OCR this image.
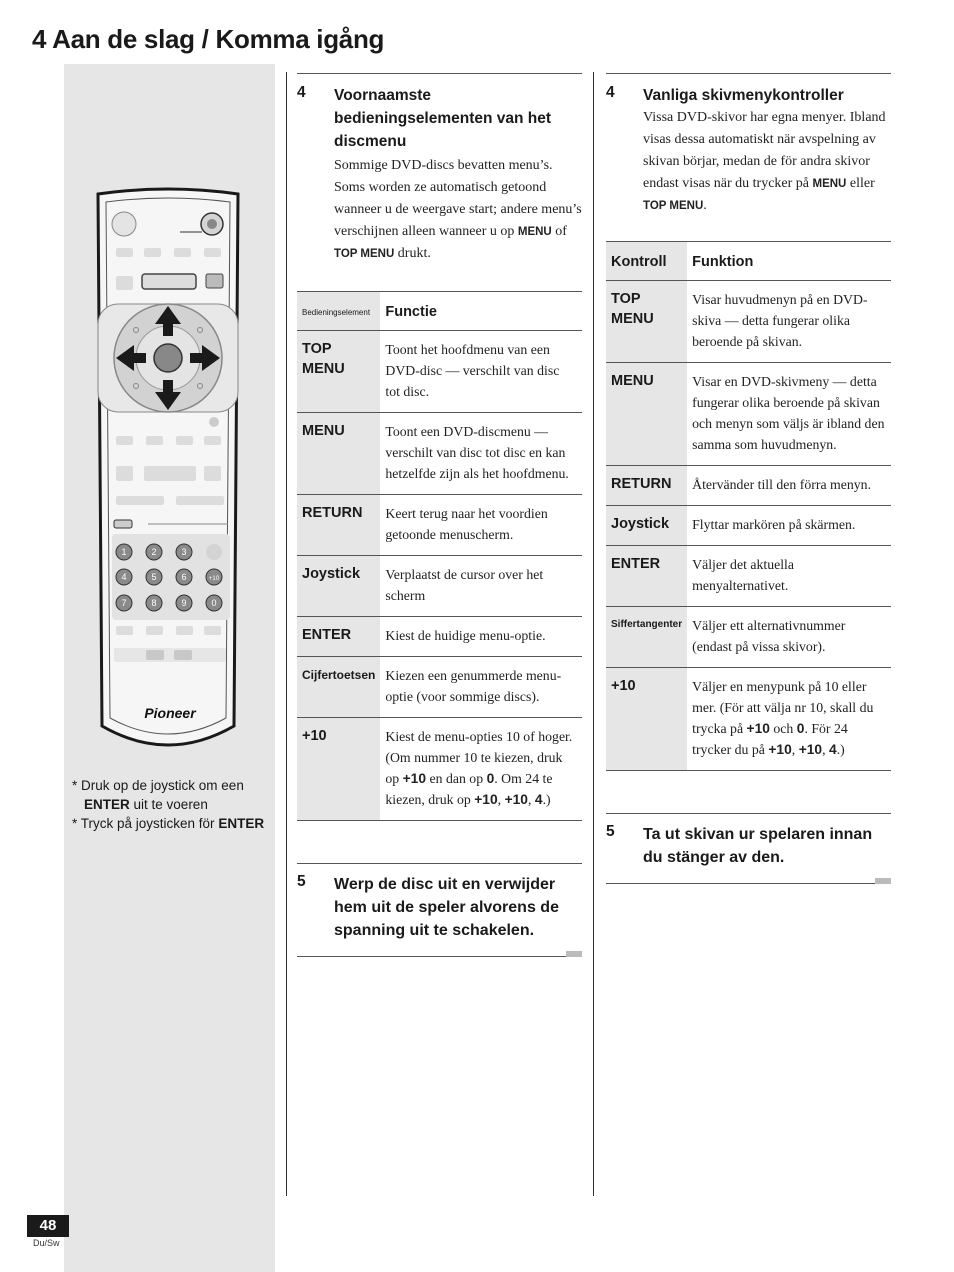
4 Aan de slag / Komma igång
1	2	3
4	5	6	+10
7	8	9	0
Pioneer
* Druk op de joystick om een ENTER uit te voeren
* Tryck på joysticken för ENTER
4 Voornaamste bedieningselementen van het discmenu
Sommige DVD-discs bevatten menu’s. Soms worden ze automatisch getoond wanneer u de weergave start; andere menu’s verschijnen alleen wanneer u op MENU of TOP MENU drukt.
Bedieningselement	Functie
TOP MENU	Toont het hoofdmenu van een DVD-disc — verschilt van disc tot disc.
MENU	Toont een DVD-discmenu — verschilt van disc tot disc en kan hetzelfde zijn als het hoofdmenu.
RETURN	Keert terug naar het voordien getoonde menuscherm.
Joystick	Verplaatst de cursor over het scherm
ENTER	Kiest de huidige menu-optie.
Cijfertoetsen	Kiezen een genummerde menu-optie (voor sommige discs).
+10	Kiest de menu-opties 10 of hoger. (Om nummer 10 te kiezen, druk op +10 en dan op 0. Om 24 te kiezen, druk op +10, +10, 4.)
5 Werp de disc uit en verwijder hem uit de speler alvorens de spanning uit te schakelen.
4 Vanliga skivmenykontroller
Vissa DVD-skivor har egna menyer. Ibland visas dessa automatiskt när avspelning av skivan börjar, medan de för andra skivor endast visas när du trycker på MENU eller TOP MENU.
Kontroll	Funktion
TOP MENU	Visar huvudmenyn på en DVD-skiva — detta fungerar olika beroende på skivan.
MENU	Visar en DVD-skivmeny — detta fungerar olika beroende på skivan och menyn som väljs är ibland den samma som huvudmenyn.
RETURN	Återvänder till den förra menyn.
Joystick	Flyttar markören på skärmen.
ENTER	Väljer det aktuella menyalternativet.
Siffertangenter	Väljer ett alternativnummer (endast på vissa skivor).
+10	Väljer en menypunk på 10 eller mer. (För att välja nr 10, skall du trycka på +10 och 0. För 24 trycker du på +10, +10, 4.)
5 Ta ut skivan ur spelaren innan du stänger av den.
48
Du/Sw
